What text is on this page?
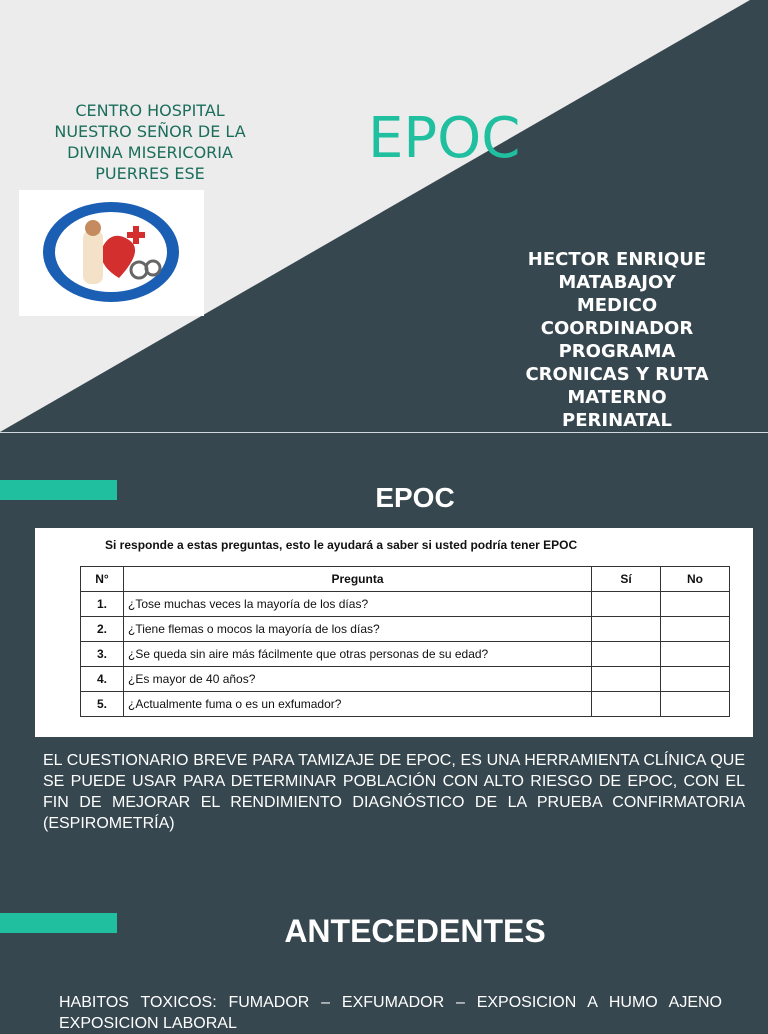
CENTRO HOSPITAL
NUESTRO SEÑOR DE LA
DIVINA MISERICORIA
PUERRES ESE
EPOC
HECTOR ENRIQUE
MATABAJOY
MEDICO
COORDINADOR
PROGRAMA
CRONICAS Y RUTA
MATERNO
PERINATAL
EPOC
Si responde a estas preguntas, esto le ayudará a saber si usted podría tener EPOC
N°	Pregunta	Sí	No
1.	¿Tose muchas veces la mayoría de los días?		
2.	¿Tiene flemas o mocos la mayoría de los días?		
3.	¿Se queda sin aire más fácilmente que otras personas de su edad?		
4.	¿Es mayor de 40 años?		
5.	¿Actualmente fuma o es un exfumador?		
EL CUESTIONARIO BREVE PARA TAMIZAJE DE EPOC, ES UNA HERRAMIENTA CLÍNICA QUE SE PUEDE USAR PARA DETERMINAR POBLACIÓN CON ALTO RIESGO DE EPOC, CON EL FIN DE MEJORAR EL RENDIMIENTO DIAGNÓSTICO DE LA PRUEBA CONFIRMATORIA (ESPIROMETRÍA)
ANTECEDENTES
HABITOS TOXICOS: FUMADOR – EXFUMADOR – EXPOSICION A HUMO AJENO EXPOSICION LABORAL
